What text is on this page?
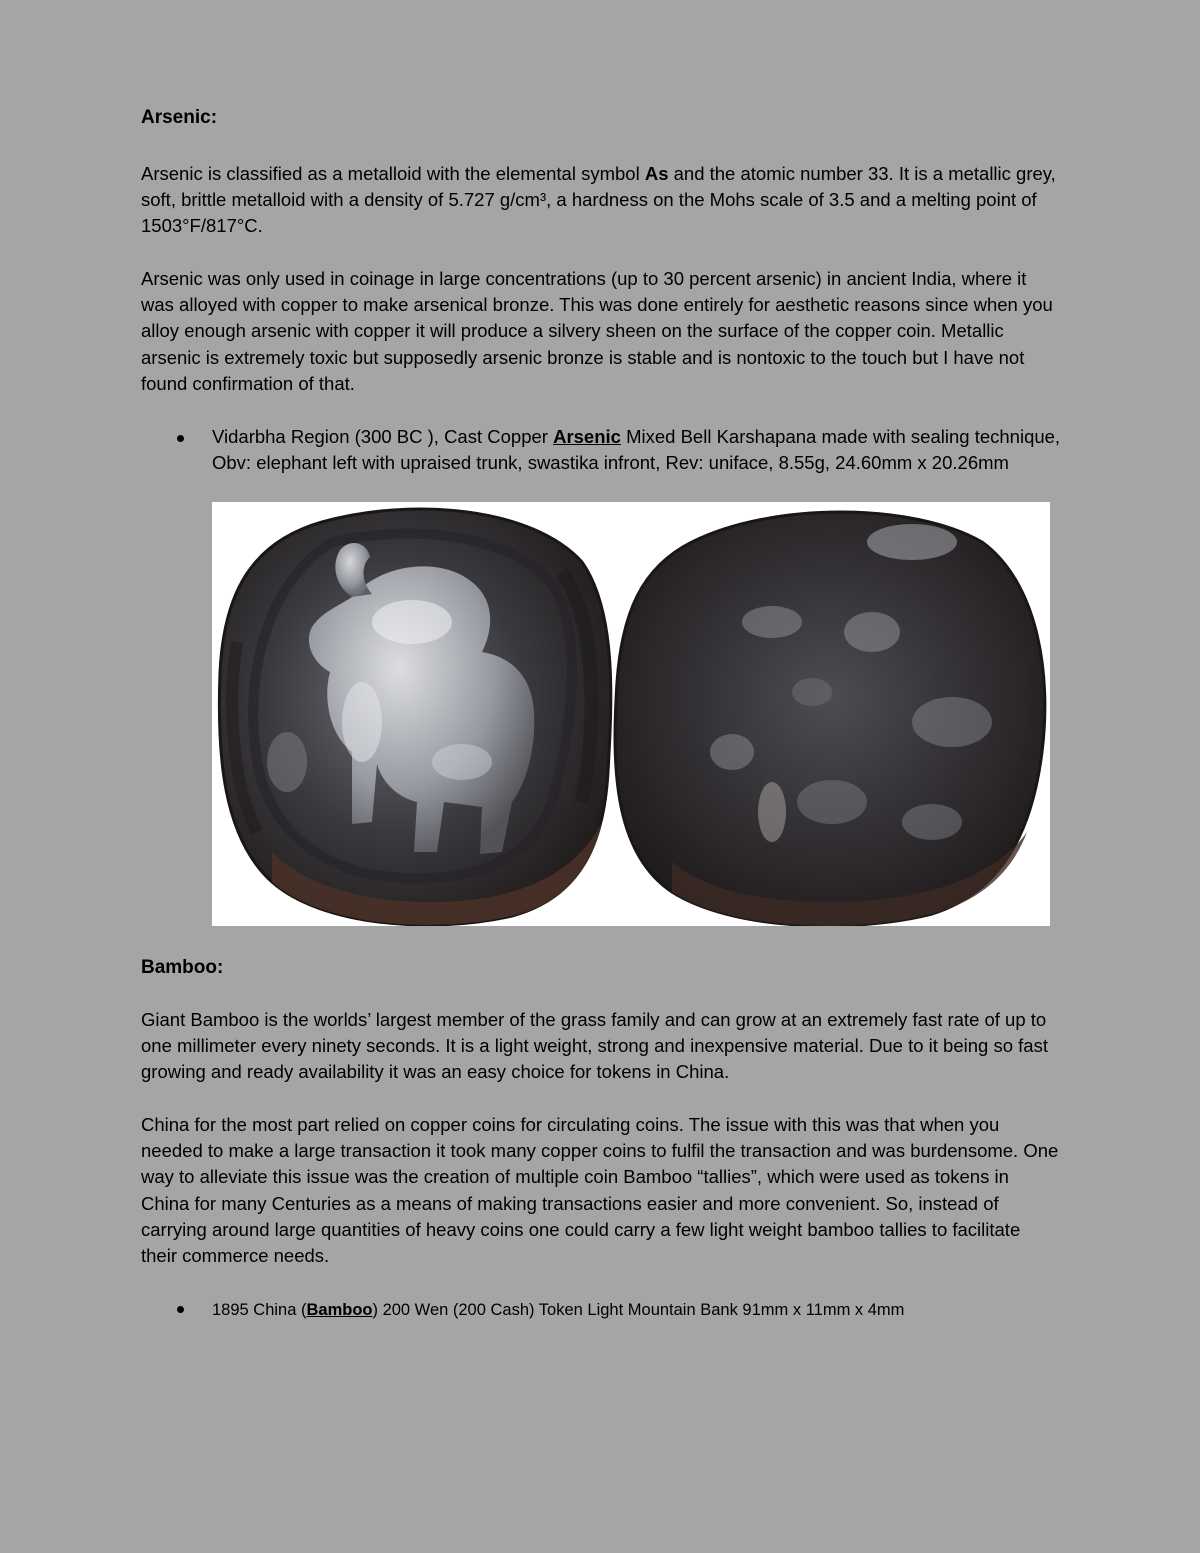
Arsenic:

Arsenic is classified as a metalloid with the elemental symbol As and the atomic number 33. It is a metallic grey, soft, brittle metalloid with a density of 5.727 g/cm³, a hardness on the Mohs scale of 3.5 and a melting point of 1503°F/817°C.

Arsenic was only used in coinage in large concentrations (up to 30 percent arsenic) in ancient India, where it was alloyed with copper to make arsenical bronze. This was done entirely for aesthetic reasons since when you alloy enough arsenic with copper it will produce a silvery sheen on the surface of the copper coin. Metallic arsenic is extremely toxic but supposedly arsenic bronze is stable and is nontoxic to the touch but I have not found confirmation of that.

Vidarbha Region (300 BC ), Cast Copper Arsenic Mixed Bell Karshapana made with sealing technique, Obv: elephant left with upraised trunk, swastika infront, Rev: uniface, 8.55g, 24.60mm x 20.26mm
Bamboo:

Giant Bamboo is the worlds’ largest member of the grass family and can grow at an extremely fast rate of up to one millimeter every ninety seconds. It is a light weight, strong and inexpensive material. Due to it being so fast growing and ready availability it was an easy choice for tokens in China.

China for the most part relied on copper coins for circulating coins. The issue with this was that when you needed to make a large transaction it took many copper coins to fulfil the transaction and was burdensome. One way to alleviate this issue was the creation of multiple coin Bamboo “tallies”, which were used as tokens in China for many Centuries as a means of making transactions easier and more convenient. So, instead of carrying around large quantities of heavy coins one could carry a few light weight bamboo tallies to facilitate their commerce needs.

1895 China (Bamboo) 200 Wen (200 Cash) Token Light Mountain Bank 91mm x 11mm x 4mm
